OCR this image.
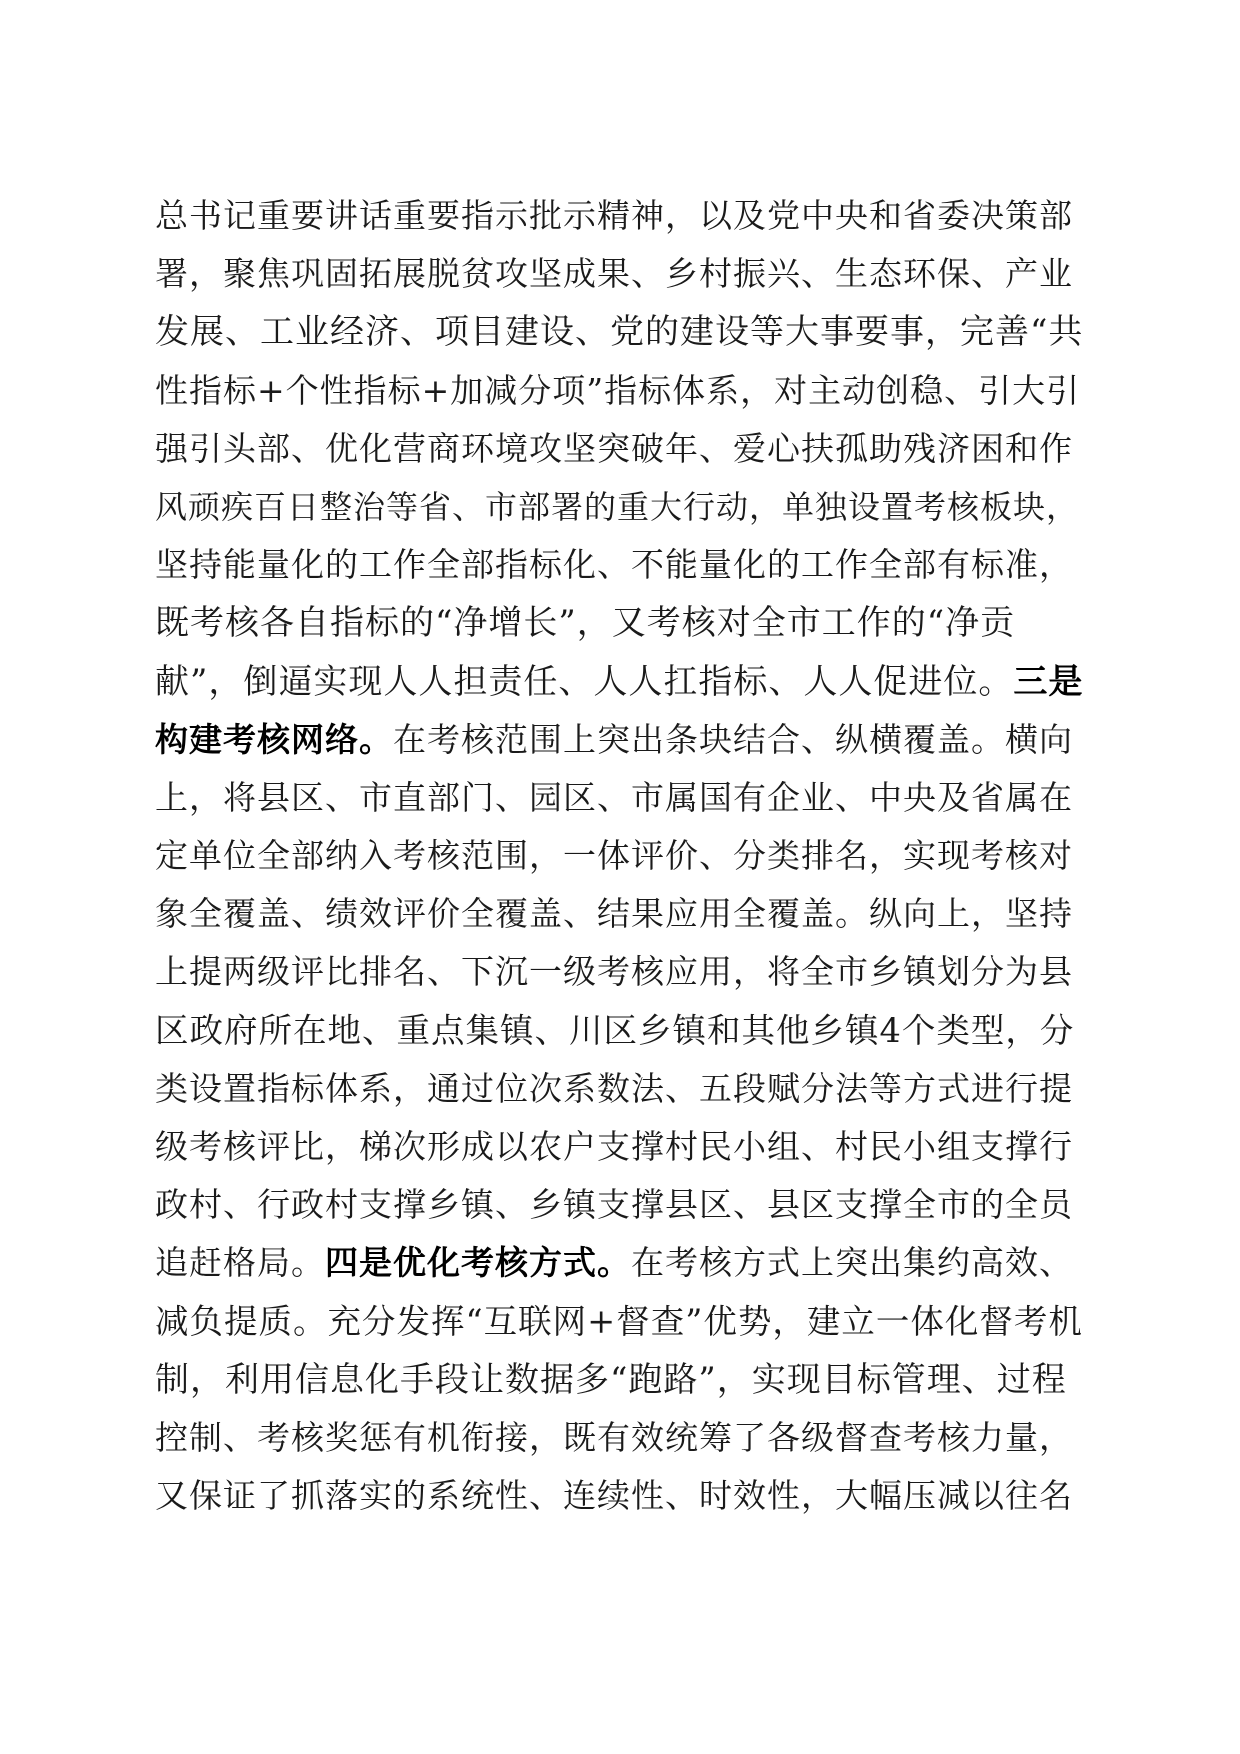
总书记重要讲话重要指示批示精神，以及党中央和省委决策部
署，聚焦巩固拓展脱贫攻坚成果、乡村振兴、生态环保、产业
发展、工业经济、项目建设、党的建设等大事要事，完善“共
性指标+个性指标+加减分项”指标体系，对主动创稳、引大引
强引头部、优化营商环境攻坚突破年、爱心扶孤助残济困和作
风顽疾百日整治等省、市部署的重大行动，单独设置考核板块，
坚持能量化的工作全部指标化、不能量化的工作全部有标准，
既考核各自指标的“净增长”，又考核对全市工作的“净贡
献”，倒逼实现人人担责任、人人扛指标、人人促进位。三是
构建考核网络。在考核范围上突出条块结合、纵横覆盖。横向
上，将县区、市直部门、园区、市属国有企业、中央及省属在
定单位全部纳入考核范围，一体评价、分类排名，实现考核对
象全覆盖、绩效评价全覆盖、结果应用全覆盖。纵向上，坚持
上提两级评比排名、下沉一级考核应用，将全市乡镇划分为县
区政府所在地、重点集镇、川区乡镇和其他乡镇4个类型，分
类设置指标体系，通过位次系数法、五段赋分法等方式进行提
级考核评比，梯次形成以农户支撑村民小组、村民小组支撑行
政村、行政村支撑乡镇、乡镇支撑县区、县区支撑全市的全员
追赶格局。四是优化考核方式。在考核方式上突出集约高效、
减负提质。充分发挥“互联网+督查”优势，建立一体化督考机
制，利用信息化手段让数据多“跑路”，实现目标管理、过程
控制、考核奖惩有机衔接，既有效统筹了各级督查考核力量，
又保证了抓落实的系统性、连续性、时效性，大幅压减以往名
